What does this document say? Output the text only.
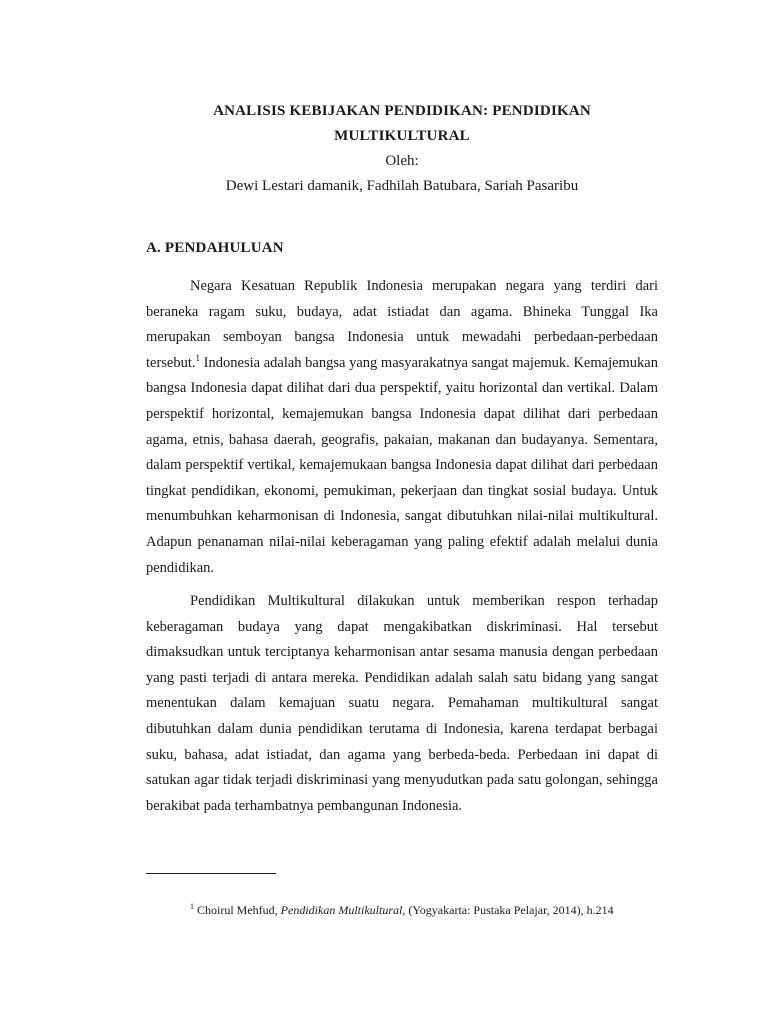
ANALISIS KEBIJAKAN PENDIDIKAN: PENDIDIKAN
MULTIKULTURAL
Oleh:
Dewi Lestari damanik, Fadhilah Batubara, Sariah Pasaribu
A. PENDAHULUAN

Negara Kesatuan Republik Indonesia merupakan negara yang terdiri dari beraneka ragam suku, budaya, adat istiadat dan agama. Bhineka Tunggal Ika merupakan semboyan bangsa Indonesia untuk mewadahi perbedaan-perbedaan tersebut.$^1$ Indonesia adalah bangsa yang masyarakatnya sangat majemuk. Kemajemukan bangsa Indonesia dapat dilihat dari dua perspektif, yaitu horizontal dan vertikal. Dalam perspektif horizontal, kemajemukan bangsa Indonesia dapat dilihat dari perbedaan agama, etnis, bahasa daerah, geografis, pakaian, makanan dan budayanya. Sementara, dalam perspektif vertikal, kemajemukaan bangsa Indonesia dapat dilihat dari perbedaan tingkat pendidikan, ekonomi, pemukiman, pekerjaan dan tingkat sosial budaya. Untuk menumbuhkan keharmonisan di Indonesia, sangat dibutuhkan nilai-nilai multikultural. Adapun penanaman nilai-nilai keberagaman yang paling efektif adalah melalui dunia pendidikan.

Pendidikan Multikultural dilakukan untuk memberikan respon terhadap keberagaman budaya yang dapat mengakibatkan diskriminasi. Hal tersebut dimaksudkan untuk terciptanya keharmonisan antar sesama manusia dengan perbedaan yang pasti terjadi di antara mereka. Pendidikan adalah salah satu bidang yang sangat menentukan dalam kemajuan suatu negara. Pemahaman multikultural sangat dibutuhkan dalam dunia pendidikan terutama di Indonesia, karena terdapat berbagai suku, bahasa, adat istiadat, dan agama yang berbeda-beda. Perbedaan ini dapat di satukan agar tidak terjadi diskriminasi yang menyudutkan pada satu golongan, sehingga berakibat pada terhambatnya pembangunan Indonesia.

$^1$ Choirul Mehfud, Pendidikan Multikultural, (Yogyakarta: Pustaka Pelajar, 2014), h.214
